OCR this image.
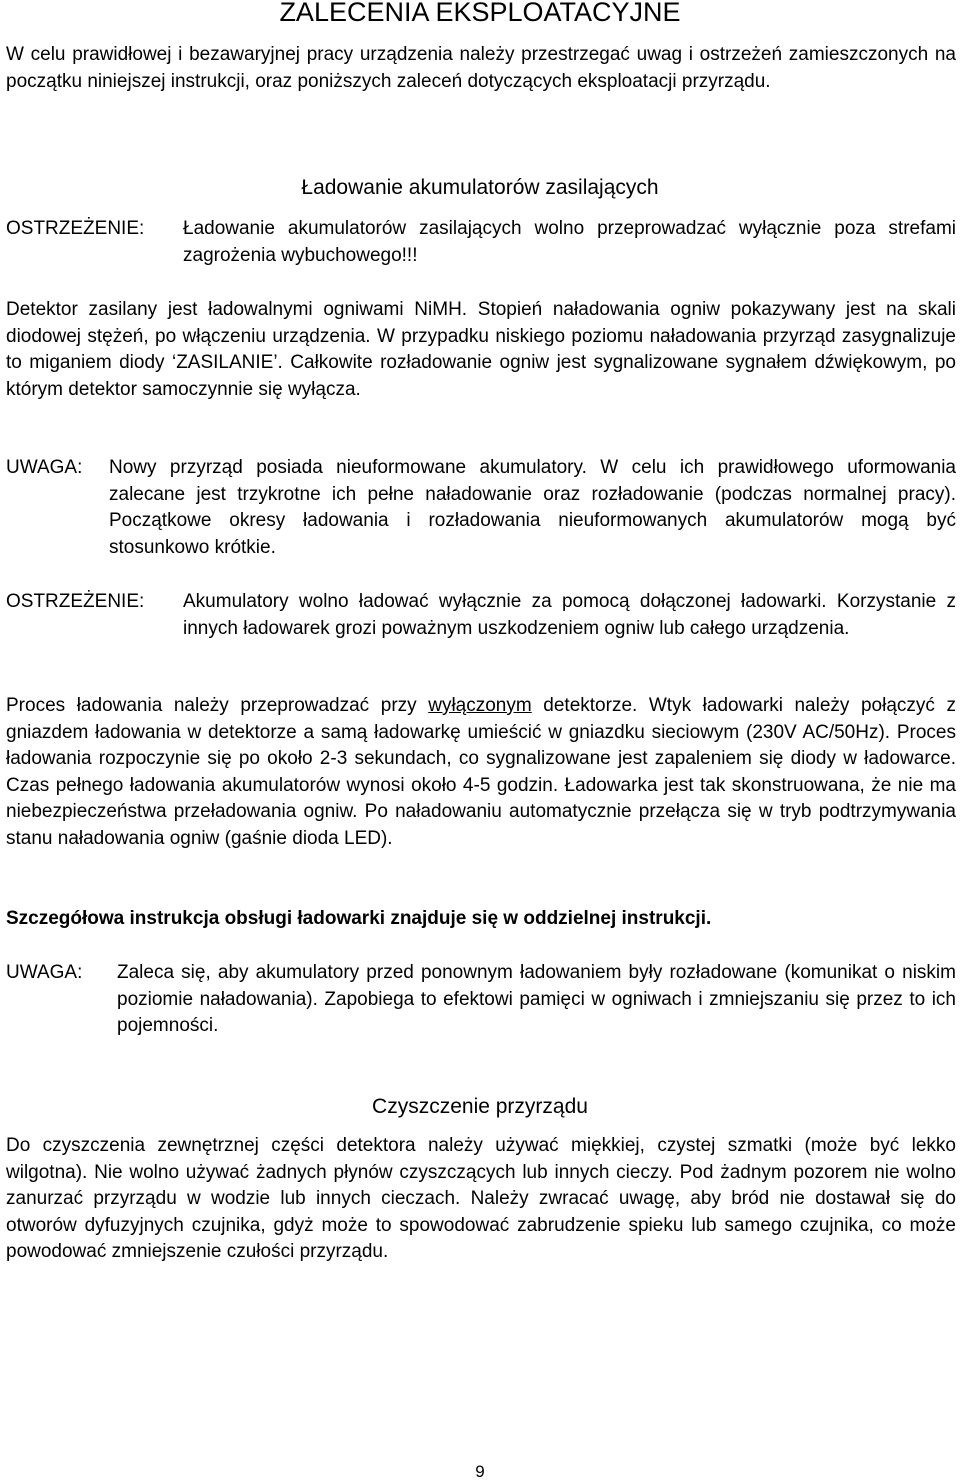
ZALECENIA EKSPLOATACYJNE

W celu prawidłowej i bezawaryjnej pracy urządzenia należy przestrzegać uwag i ostrzeżeń zamieszczonych na początku niniejszej instrukcji, oraz poniższych zaleceń dotyczących eksploatacji przyrządu.

Ładowanie akumulatorów zasilających
OSTRZEŻENIE: Ładowanie akumulatorów zasilających wolno przeprowadzać wyłącznie poza strefami zagrożenia wybuchowego!!!

Detektor zasilany jest ładowalnymi ogniwami NiMH. Stopień naładowania ogniw pokazywany jest na skali diodowej stężeń, po włączeniu urządzenia. W przypadku niskiego poziomu naładowania przyrząd zasygnalizuje to miganiem diody ‘ZASILANIE’. Całkowite rozładowanie ogniw jest sygnalizowane sygnałem dźwiękowym, po którym detektor samoczynnie się wyłącza.

UWAGA: Nowy przyrząd posiada nieuformowane akumulatory. W celu ich prawidłowego uformowania zalecane jest trzykrotne ich pełne naładowanie oraz rozładowanie (podczas normalnej pracy). Początkowe okresy ładowania i rozładowania nieuformowanych akumulatorów mogą być stosunkowo krótkie.
OSTRZEŻENIE: Akumulatory wolno ładować wyłącznie za pomocą dołączonej ładowarki. Korzystanie z innych ładowarek grozi poważnym uszkodzeniem ogniw lub całego urządzenia.

Proces ładowania należy przeprowadzać przy wyłączonym detektorze. Wtyk ładowarki należy połączyć z gniazdem ładowania w detektorze a samą ładowarkę umieścić w gniazdku sieciowym (230V AC/50Hz). Proces ładowania rozpoczynie się po około 2-3 sekundach, co sygnalizowane jest zapaleniem się diody w ładowarce. Czas pełnego ładowania akumulatorów wynosi około 4-5 godzin. Ładowarka jest tak skonstruowana, że nie ma niebezpieczeństwa przeładowania ogniw. Po naładowaniu automatycznie przełącza się w tryb podtrzymywania stanu naładowania ogniw (gaśnie dioda LED).

Szczegółowa instrukcja obsługi ładowarki znajduje się w oddzielnej instrukcji.

UWAGA: Zaleca się, aby akumulatory przed ponownym ładowaniem były rozładowane (komunikat o niskim poziomie naładowania). Zapobiega to efektowi pamięci w ogniwach i zmniejszaniu się przez to ich pojemności.
Czyszczenie przyrządu

Do czyszczenia zewnętrznej części detektora należy używać miękkiej, czystej szmatki (może być lekko wilgotna). Nie wolno używać żadnych płynów czyszczących lub innych cieczy. Pod żadnym pozorem nie wolno zanurzać przyrządu w wodzie lub innych cieczach. Należy zwracać uwagę, aby bród nie dostawał się do otworów dyfuzyjnych czujnika, gdyż może to spowodować zabrudzenie spieku lub samego czujnika, co może powodować zmniejszenie czułości przyrządu.

9
